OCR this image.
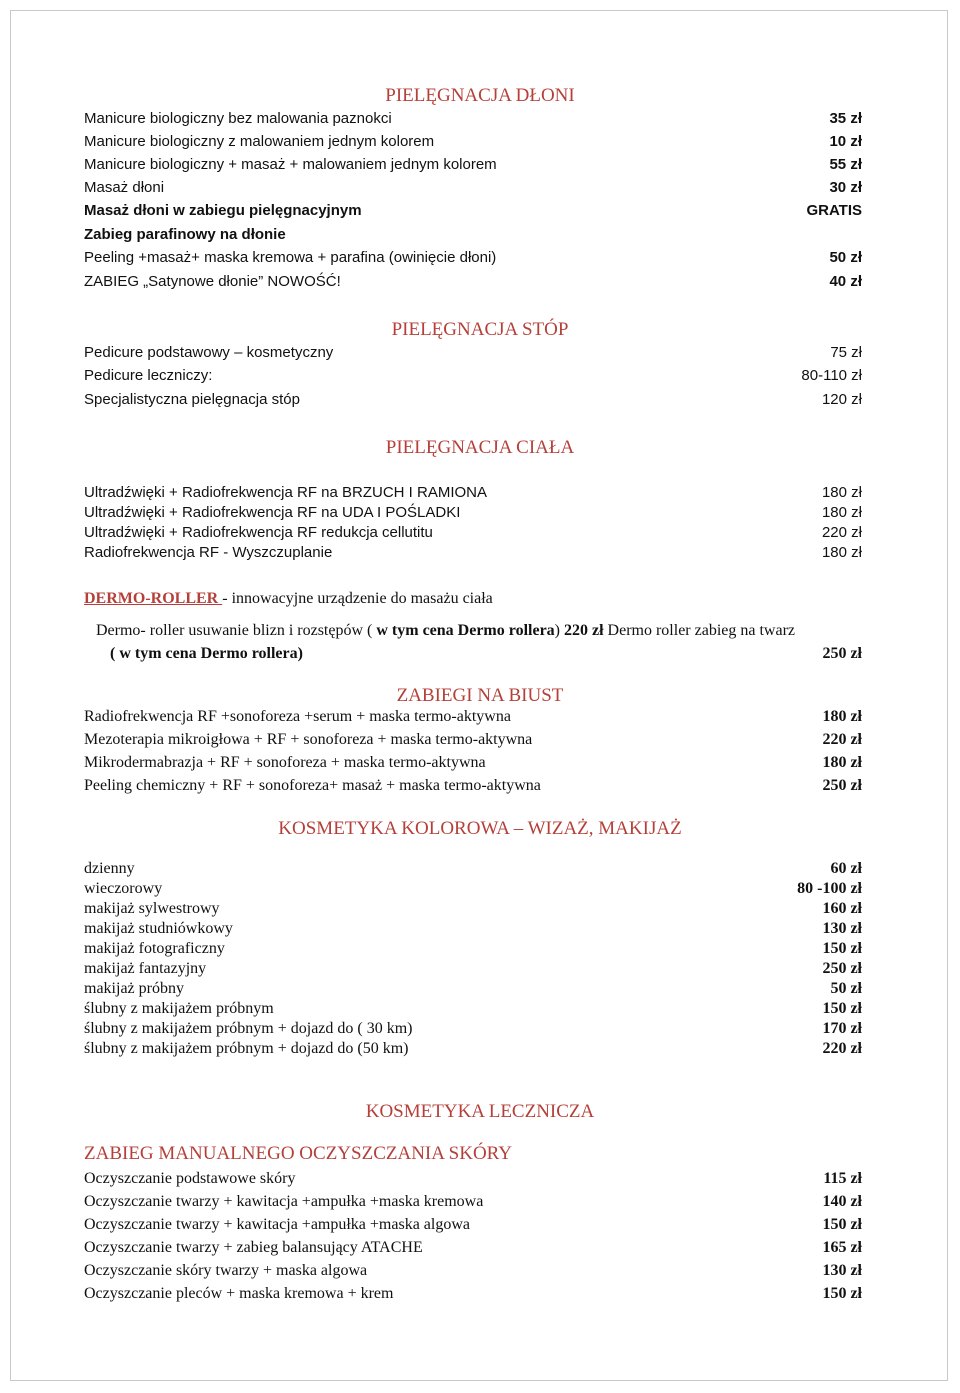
PIELĘGNACJA DŁONI
Manicure biologiczny bez malowania paznokci	35 zł
Manicure biologiczny z malowaniem jednym kolorem	10 zł
Manicure biologiczny + masaż + malowaniem jednym kolorem	55 zł
Masaż dłoni	30 zł
Masaż dłoni w zabiegu pielęgnacyjnym	GRATIS
Zabieg parafinowy na dłonie
Peeling +masaż+ maska kremowa + parafina (owinięcie dłoni)	50 zł
ZABIEG „Satynowe dłonie” NOWOŚĆ!	40 zł
PIELĘGNACJA STÓP
Pedicure podstawowy – kosmetyczny	75 zł
Pedicure leczniczy:	80-110 zł
Specjalistyczna pielęgnacja stóp	120 zł
PIELĘGNACJA CIAŁA
Ultradźwięki + Radiofrekwencja RF na BRZUCH I RAMIONA	180 zł
Ultradźwięki + Radiofrekwencja RF na UDA I POŚLADKI	180 zł
Ultradźwięki + Radiofrekwencja RF redukcja cellutitu	220 zł
Radiofrekwencja RF - Wyszczuplanie	180 zł
DERMO-ROLLER - innowacyjne urządzenie do masażu ciała
Dermo- roller usuwanie blizn i rozstępów ( w tym cena Dermo rollera) 220 zł Dermo roller zabieg na twarz
( w tym cena Dermo rollera)	250 zł
ZABIEGI NA BIUST
Radiofrekwencja RF +sonoforeza +serum + maska termo-aktywna	180 zł
Mezoterapia mikroigłowa + RF + sonoforeza + maska termo-aktywna	220 zł
Mikrodermabrazja + RF + sonoforeza + maska termo-aktywna	180 zł
Peeling chemiczny + RF + sonoforeza+ masaż + maska termo-aktywna	250 zł
KOSMETYKA KOLOROWA – WIZAŻ, MAKIJAŻ
dzienny	60 zł
wieczorowy	80 -100 zł
makijaż sylwestrowy	160 zł
makijaż studniówkowy	130 zł
makijaż fotograficzny	150 zł
makijaż fantazyjny	250 zł
makijaż próbny	50 zł
ślubny z makijażem próbnym	150 zł
ślubny z makijażem próbnym + dojazd do ( 30 km)	170 zł
ślubny z makijażem próbnym + dojazd do (50 km)	220 zł
KOSMETYKA LECZNICZA
ZABIEG MANUALNEGO OCZYSZCZANIA SKÓRY
Oczyszczanie podstawowe skóry	115 zł
Oczyszczanie twarzy + kawitacja +ampułka +maska kremowa	140 zł
Oczyszczanie twarzy + kawitacja +ampułka +maska algowa	150 zł
Oczyszczanie twarzy + zabieg balansujący ATACHE	165 zł
Oczyszczanie skóry twarzy + maska algowa	130 zł
Oczyszczanie pleców + maska kremowa + krem	150 zł
